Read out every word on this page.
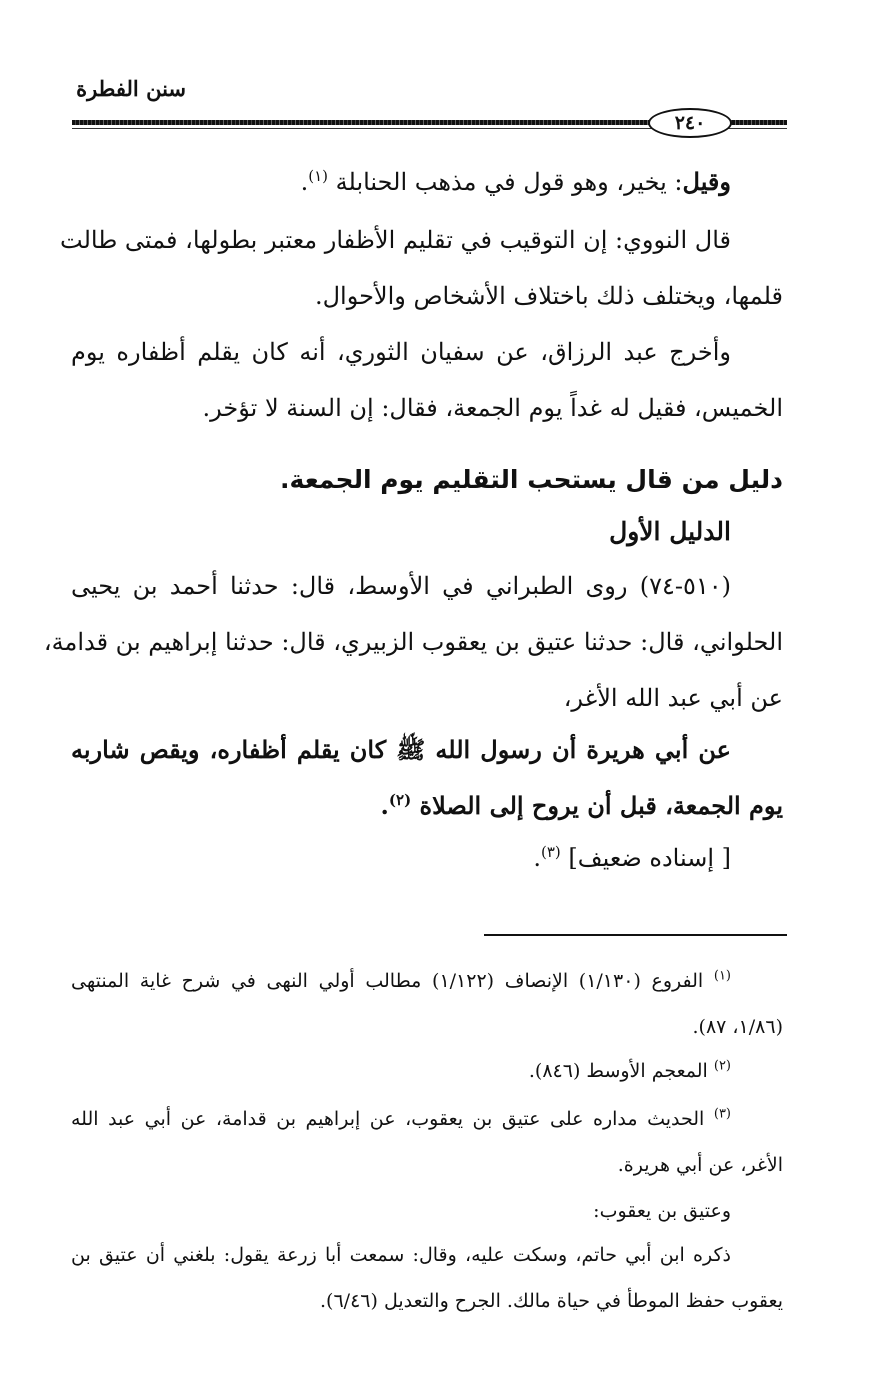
سنن الفطرة
٢٤٠
وقيل: يخير، وهو قول في مذهب الحنابلة $^{(١)}$.
قال النووي: إن التوقيب في تقليم الأظفار معتبر بطولها، فمتى طالت
قلمها، ويختلف ذلك باختلاف الأشخاص والأحوال.
وأخرج عبد الرزاق، عن سفيان الثوري، أنه كان يقلم أظفاره يوم
الخميس، فقيل له غداً يوم الجمعة، فقال: إن السنة لا تؤخر.
دليل من قال يستحب التقليم يوم الجمعة.
الدليل الأول
(٥١٠-٧٤) روى الطبراني في الأوسط، قال: حدثنا أحمد بن يحيى
الحلواني، قال: حدثنا عتيق بن يعقوب الزبيري، قال: حدثنا إبراهيم بن قدامة،
عن أبي عبد الله الأغر،
عن أبي هريرة أن رسول الله ﷺ كان يقلم أظفاره، ويقص شاربه
يوم الجمعة، قبل أن يروح إلى الصلاة $^{(٢)}$.
[ إسناده ضعيف] $^{(٣)}$.
$^{(١)}$ الفروع (١/١٣٠) الإنصاف (١/١٢٢) مطالب أولي النهى في شرح غاية المنتهى
(١/٨٦، ٨٧).
$^{(٢)}$ المعجم الأوسط (٨٤٦).
$^{(٣)}$ الحديث مداره على عتيق بن يعقوب، عن إبراهيم بن قدامة، عن أبي عبد الله
الأغر، عن أبي هريرة.
وعتيق بن يعقوب:
ذكره ابن أبي حاتم، وسكت عليه، وقال: سمعت أبا زرعة يقول: بلغني أن عتيق بن
يعقوب حفظ الموطأ في حياة مالك. الجرح والتعديل (٦/٤٦).
